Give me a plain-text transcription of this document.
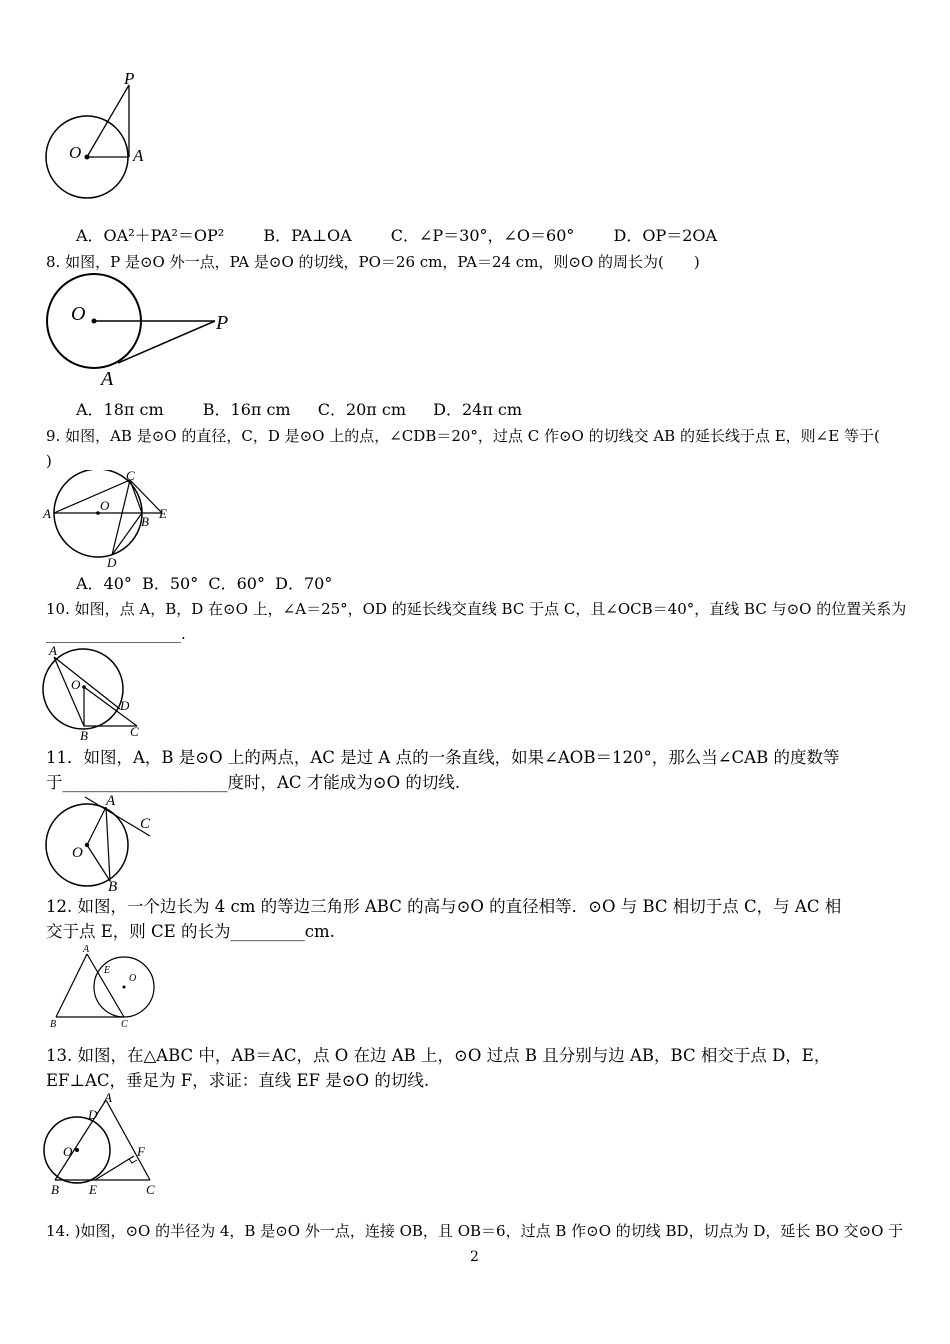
P
O	A
A．OA²＋PA²＝OP² B．PA⊥OA C．∠P＝30°，∠O＝60° D．OP＝2OA
8. 如图，P 是⊙O 外一点，PA 是⊙O 的切线，PO＝26 cm，PA＝24 cm，则⊙O 的周长为(　　)
O	P
A
A．18π cm B．16π cm C．20π cm D．24π cm
9. 如图，AB 是⊙O 的直径，C，D 是⊙O 上的点，∠CDB＝20°，过点 C 作⊙O 的切线交 AB 的延长线于点 E，则∠E 等于(
)
A
O
C
B
E
D
A．40°  B．50°  C．60°  D．70°
10. 如图，点 A，B，D 在⊙O 上，∠A＝25°，OD 的延长线交直线 BC 于点 C，且∠OCB＝40°，直线 BC 与⊙O 的位置关系为
__________________.
A
O
D
B	C
11．如图，A，B 是⊙O 上的两点，AC 是过 A 点的一条直线，如果∠AOB＝120°，那么当∠CAB 的度数等
于____________________度时，AC 才能成为⊙O 的切线.
A
C
O
B
12. 如图，一个边长为 4 cm 的等边三角形 ABC 的高与⊙O 的直径相等．⊙O 与 BC 相切于点 C，与 AC 相
交于点 E，则 CE 的长为_________cm.
A
E
O
B	C
13. 如图，在△ABC 中，AB＝AC，点 O 在边 AB 上，⊙O 过点 B 且分别与边 AB，BC 相交于点 D，E，
EF⊥AC，垂足为 F，求证：直线 EF 是⊙O 的切线.
A
D
O	F
B E	C
14. )如图，⊙O 的半径为 4，B 是⊙O 外一点，连接 OB，且 OB＝6，过点 B 作⊙O 的切线 BD，切点为 D，延长 BO 交⊙O 于
2
